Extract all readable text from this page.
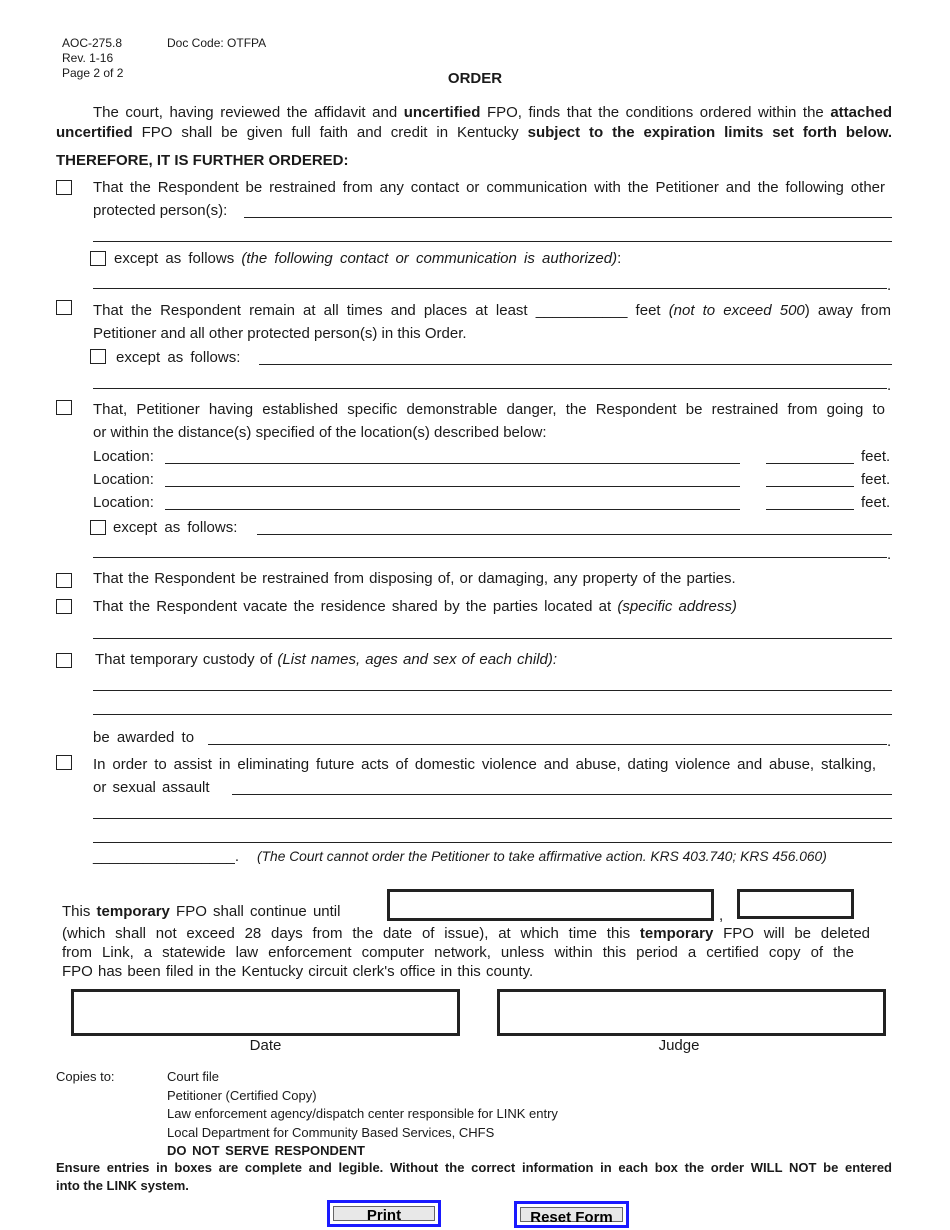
AOC-275.8	Doc Code: OTFPA
Rev. 1-16
Page 2 of 2	ORDER
The court, having reviewed the affidavit and uncertified FPO, finds that the conditions ordered within the attached
uncertified FPO shall be given full faith and credit in Kentucky subject to the expiration limits set forth below.
THEREFORE, IT IS FURTHER ORDERED:
That the Respondent be restrained from any contact or communication with the Petitioner and the following other
protected person(s):
except as follows (the following contact or communication is authorized):
.
That the Respondent remain at all times and places at least ___________ feet (not to exceed 500) away from
Petitioner and all other protected person(s) in this Order.
except as follows:
.
That, Petitioner having established specific demonstrable danger, the Respondent be restrained from going to
or within the distance(s) specified of the location(s) described below:
Location:	feet.
Location:	feet.
Location:	feet.
except as follows:
.
That the Respondent be restrained from disposing of, or damaging, any property of the parties.
That the Respondent vacate the residence shared by the parties located at (specific address)
That temporary custody of (List names, ages and sex of each child):
be awarded to	.
In order to assist in eliminating future acts of domestic violence and abuse, dating violence and abuse, stalking,
or sexual assault
_________________. (The Court cannot order the Petitioner to take affirmative action. KRS 403.740; KRS 456.060)
This temporary FPO shall continue until	,
(which shall not exceed 28 days from the date of issue), at which time this temporary FPO will be deleted
from Link, a statewide law enforcement computer network, unless within this period a certified copy of the
FPO has been filed in the Kentucky circuit clerk's office in this county.
Date	Judge
Copies to:	Court file
Petitioner (Certified Copy)
Law enforcement agency/dispatch center responsible for LINK entry
Local Department for Community Based Services, CHFS
DO NOT SERVE RESPONDENT
Ensure entries in boxes are complete and legible. Without the correct information in each box the order WILL NOT be entered
into the LINK system.
Print	Reset Form
